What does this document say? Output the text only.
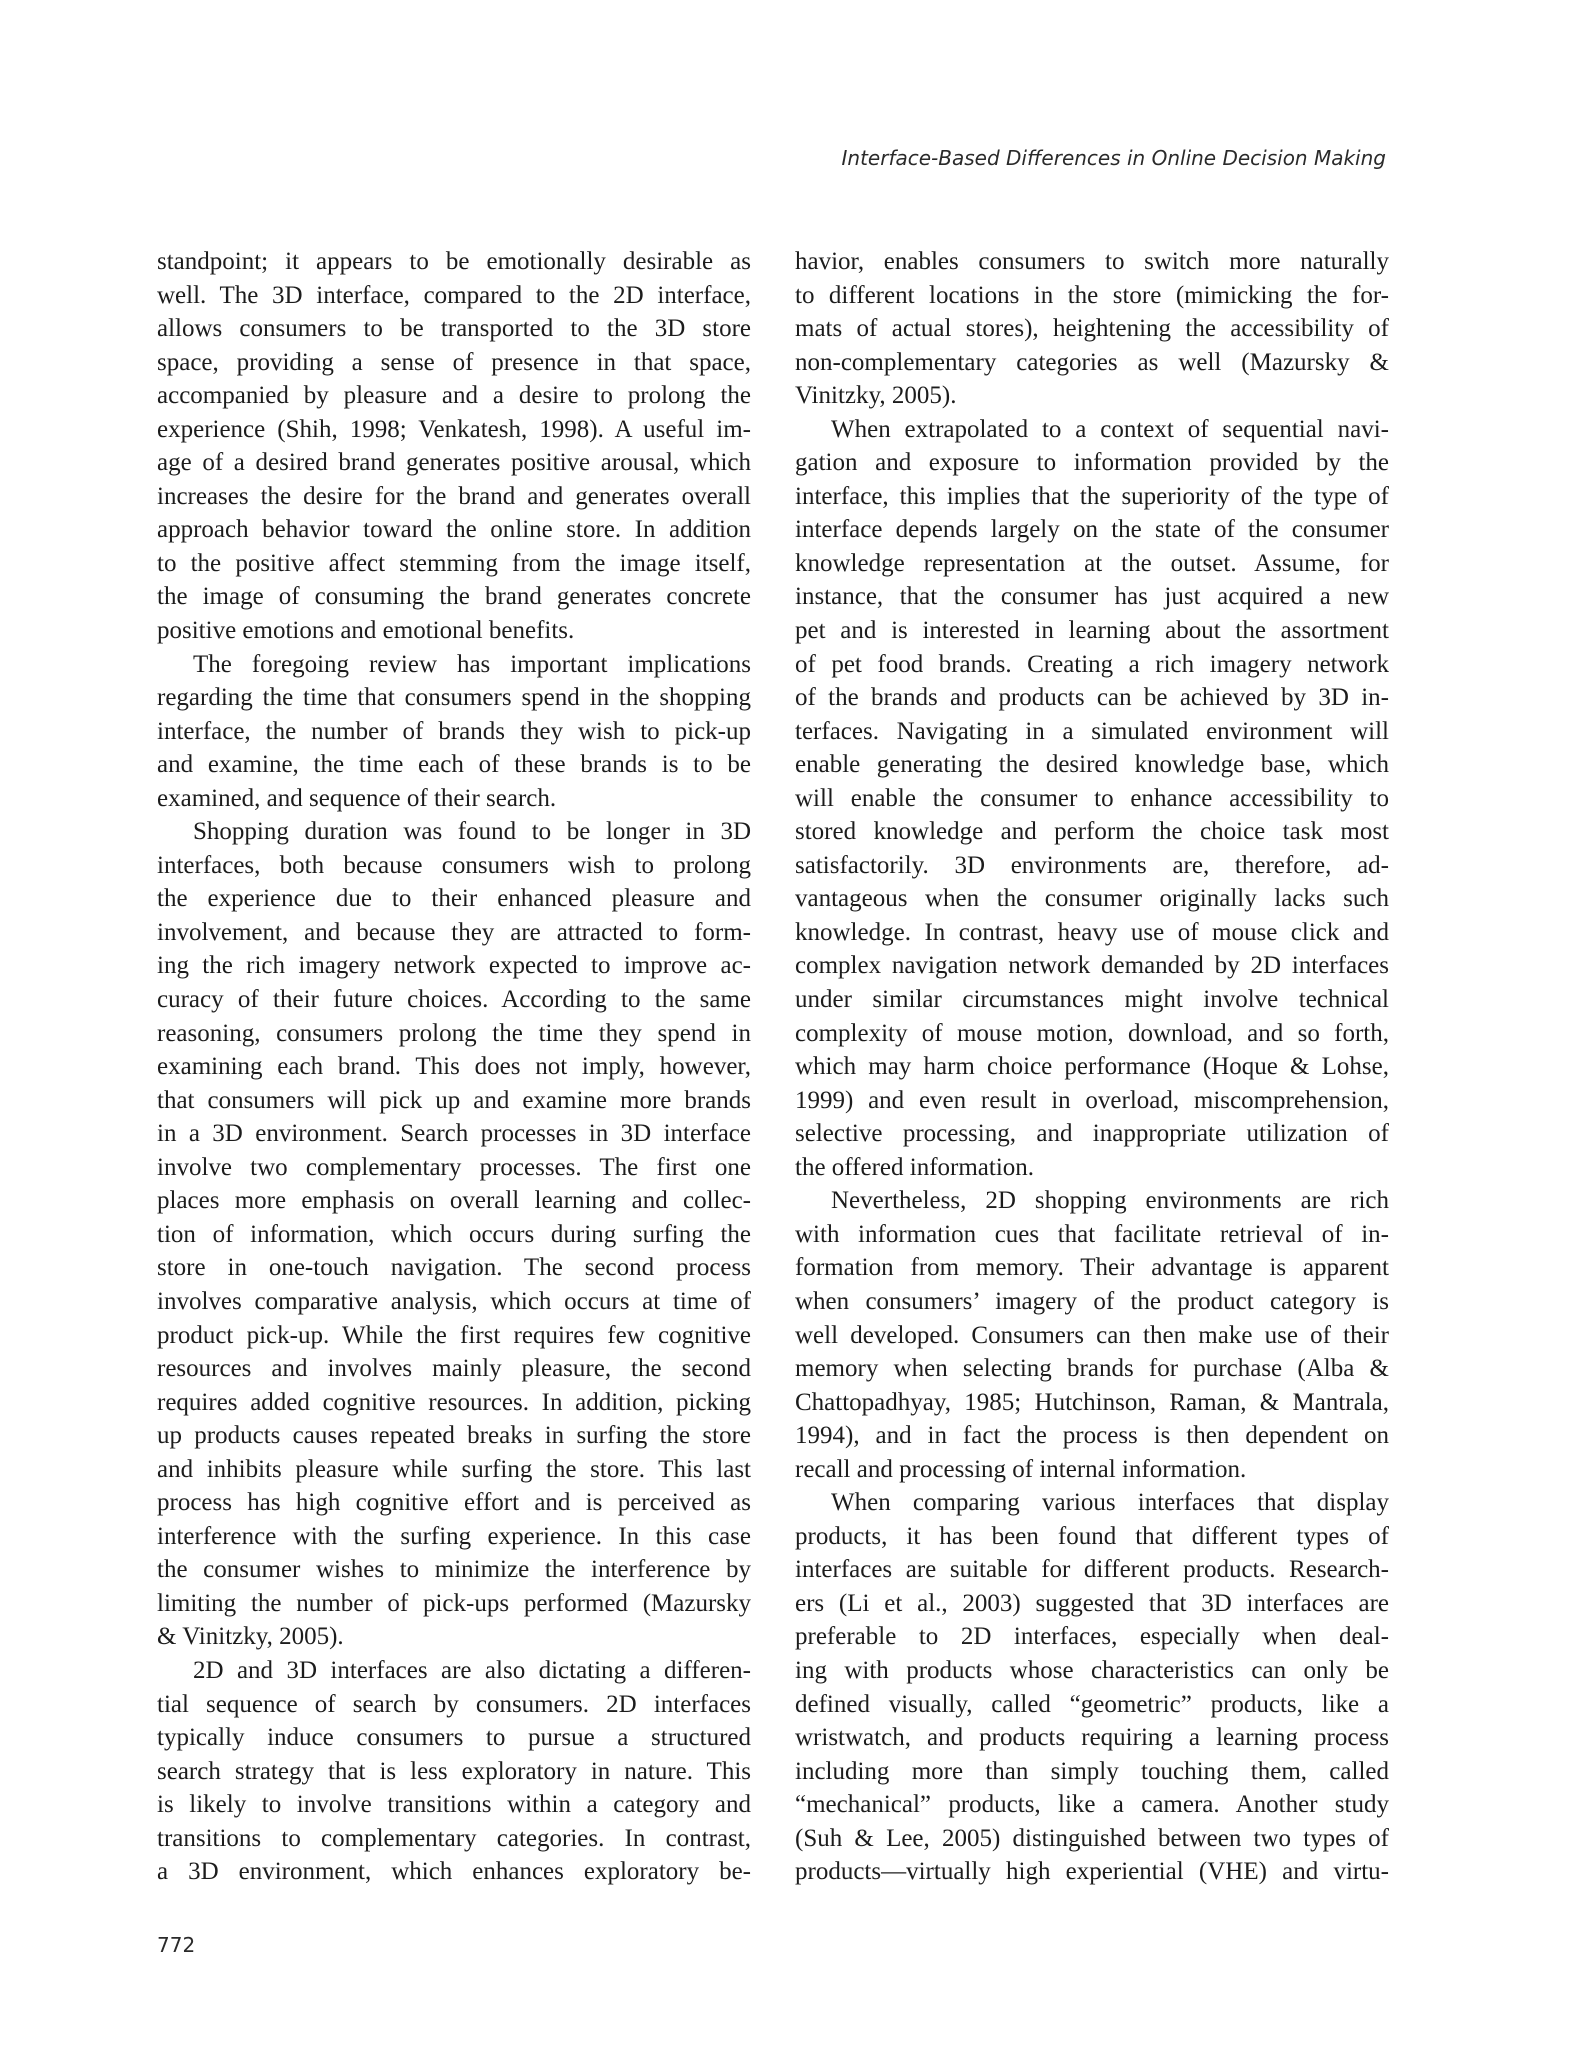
Interface-Based Differences in Online Decision Making
standpoint; it appears to be emotionally desirable as
well. The 3D interface, compared to the 2D interface,
allows consumers to be transported to the 3D store
space, providing a sense of presence in that space,
accompanied by pleasure and a desire to prolong the
experience (Shih, 1998; Venkatesh, 1998). A useful im-
age of a desired brand generates positive arousal, which
increases the desire for the brand and generates overall
approach behavior toward the online store. In addition
to the positive affect stemming from the image itself,
the image of consuming the brand generates concrete
positive emotions and emotional benefits.
The foregoing review has important implications
regarding the time that consumers spend in the shopping
interface, the number of brands they wish to pick-up
and examine, the time each of these brands is to be
examined, and sequence of their search.
Shopping duration was found to be longer in 3D
interfaces, both because consumers wish to prolong
the experience due to their enhanced pleasure and
involvement, and because they are attracted to form-
ing the rich imagery network expected to improve ac-
curacy of their future choices. According to the same
reasoning, consumers prolong the time they spend in
examining each brand. This does not imply, however,
that consumers will pick up and examine more brands
in a 3D environment. Search processes in 3D interface
involve two complementary processes. The first one
places more emphasis on overall learning and collec-
tion of information, which occurs during surfing the
store in one-touch navigation. The second process
involves comparative analysis, which occurs at time of
product pick-up. While the first requires few cognitive
resources and involves mainly pleasure, the second
requires added cognitive resources. In addition, picking
up products causes repeated breaks in surfing the store
and inhibits pleasure while surfing the store. This last
process has high cognitive effort and is perceived as
interference with the surfing experience. In this case
the consumer wishes to minimize the interference by
limiting the number of pick-ups performed (Mazursky
& Vinitzky, 2005).
2D and 3D interfaces are also dictating a differen-
tial sequence of search by consumers. 2D interfaces
typically induce consumers to pursue a structured
search strategy that is less exploratory in nature. This
is likely to involve transitions within a category and
transitions to complementary categories. In contrast,
a 3D environment, which enhances exploratory be-
havior, enables consumers to switch more naturally
to different locations in the store (mimicking the for-
mats of actual stores), heightening the accessibility of
non-complementary categories as well (Mazursky &
Vinitzky, 2005).
When extrapolated to a context of sequential navi-
gation and exposure to information provided by the
interface, this implies that the superiority of the type of
interface depends largely on the state of the consumer
knowledge representation at the outset. Assume, for
instance, that the consumer has just acquired a new
pet and is interested in learning about the assortment
of pet food brands. Creating a rich imagery network
of the brands and products can be achieved by 3D in-
terfaces. Navigating in a simulated environment will
enable generating the desired knowledge base, which
will enable the consumer to enhance accessibility to
stored knowledge and perform the choice task most
satisfactorily. 3D environments are, therefore, ad-
vantageous when the consumer originally lacks such
knowledge. In contrast, heavy use of mouse click and
complex navigation network demanded by 2D interfaces
under similar circumstances might involve technical
complexity of mouse motion, download, and so forth,
which may harm choice performance (Hoque & Lohse,
1999) and even result in overload, miscomprehension,
selective processing, and inappropriate utilization of
the offered information.
Nevertheless, 2D shopping environments are rich
with information cues that facilitate retrieval of in-
formation from memory. Their advantage is apparent
when consumers’ imagery of the product category is
well developed. Consumers can then make use of their
memory when selecting brands for purchase (Alba &
Chattopadhyay, 1985; Hutchinson, Raman, & Mantrala,
1994), and in fact the process is then dependent on
recall and processing of internal information.
When comparing various interfaces that display
products, it has been found that different types of
interfaces are suitable for different products. Research-
ers (Li et al., 2003) suggested that 3D interfaces are
preferable to 2D interfaces, especially when deal-
ing with products whose characteristics can only be
defined visually, called “geometric” products, like a
wristwatch, and products requiring a learning process
including more than simply touching them, called
“mechanical” products, like a camera. Another study
(Suh & Lee, 2005) distinguished between two types of
products—virtually high experiential (VHE) and virtu-
772
